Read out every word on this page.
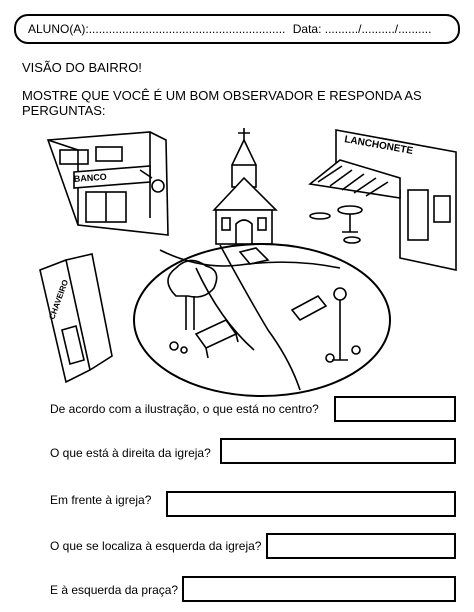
ALUNO(A):........................................................... Data: ........../........../..........
VISÃO DO BAIRRO!
MOSTRE QUE VOCÊ É UM BOM OBSERVADOR E RESPONDA AS PERGUNTAS:
BANCO
LANCHONETE
CHAVEIRO
De acordo com a ilustração, o que está no centro?
O que está à direita da igreja?
Em frente à igreja?
O que se localiza à esquerda da igreja?
E à esquerda da praça?
